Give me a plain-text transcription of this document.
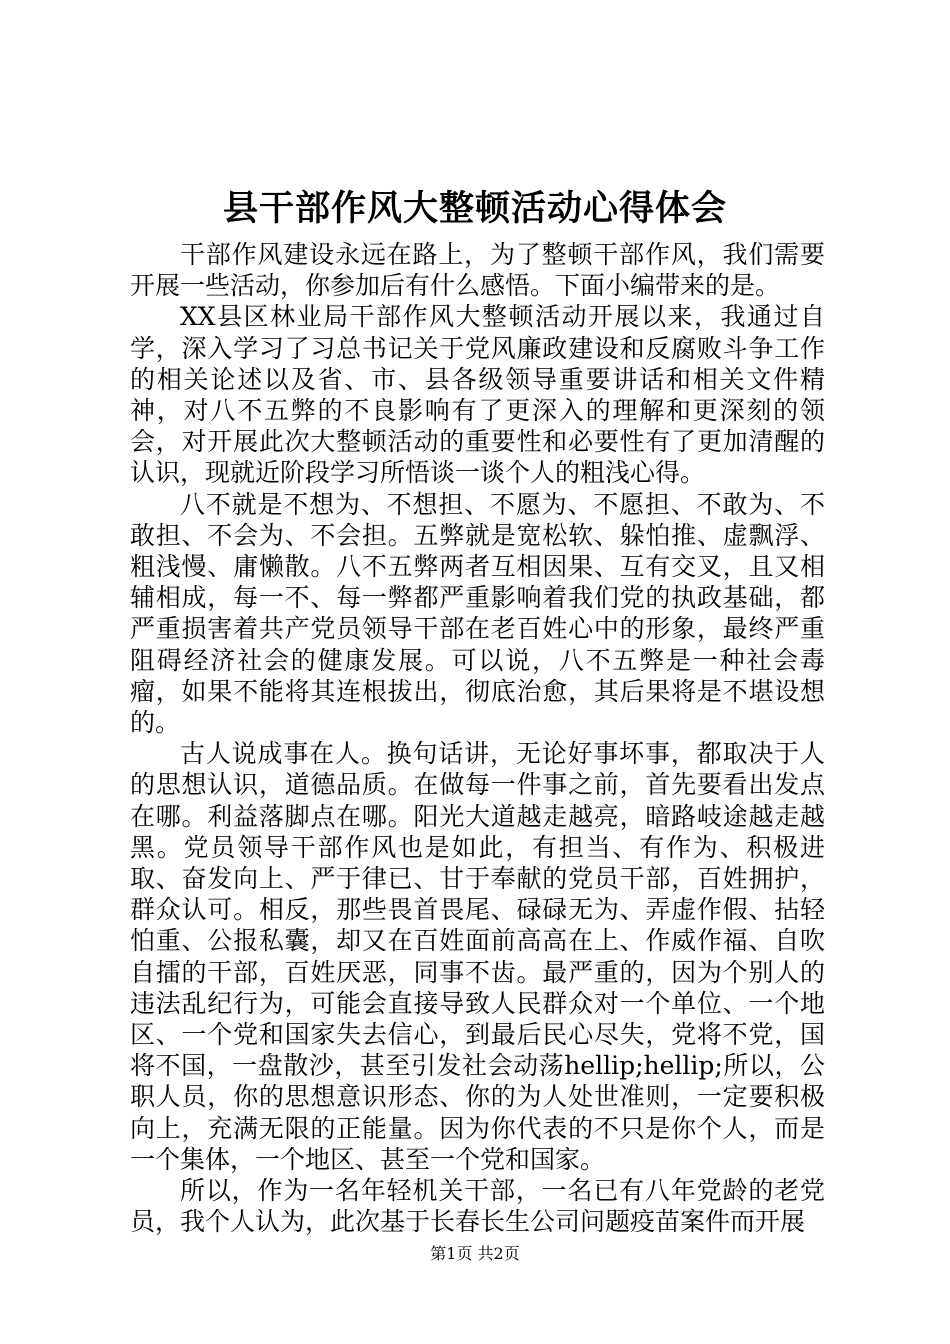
县干部作风大整顿活动心得体会

干部作风建设永远在路上，为了整顿干部作风，我们需要开展一些活动，你参加后有什么感悟。下面小编带来的是。

XX县区林业局干部作风大整顿活动开展以来，我通过自学，深入学习了习总书记关于党风廉政建设和反腐败斗争工作的相关论述以及省、市、县各级领导重要讲话和相关文件精神，对八不五弊的不良影响有了更深入的理解和更深刻的领会，对开展此次大整顿活动的重要性和必要性有了更加清醒的认识，现就近阶段学习所悟谈一谈个人的粗浅心得。

八不就是不想为、不想担、不愿为、不愿担、不敢为、不敢担、不会为、不会担。五弊就是宽松软、躲怕推、虚飘浮、粗浅慢、庸懒散。八不五弊两者互相因果、互有交叉，且又相辅相成，每一不、每一弊都严重影响着我们党的执政基础，都严重损害着共产党员领导干部在老百姓心中的形象，最终严重阻碍经济社会的健康发展。可以说，八不五弊是一种社会毒瘤，如果不能将其连根拔出，彻底治愈，其后果将是不堪设想的。

古人说成事在人。换句话讲，无论好事坏事，都取决于人的思想认识，道德品质。在做每一件事之前，首先要看出发点在哪。利益落脚点在哪。阳光大道越走越亮，暗路岐途越走越黑。党员领导干部作风也是如此，有担当、有作为、积极进取、奋发向上、严于律已、甘于奉献的党员干部，百姓拥护，群众认可。相反，那些畏首畏尾、碌碌无为、弄虚作假、拈轻怕重、公报私囊，却又在百姓面前高高在上、作威作福、自吹自擂的干部，百姓厌恶，同事不齿。最严重的，因为个别人的违法乱纪行为，可能会直接导致人民群众对一个单位、一个地区、一个党和国家失去信心，到最后民心尽失，党将不党，国将不国，一盘散沙，甚至引发社会动荡hellip;hellip;所以，公职人员，你的思想意识形态、你的为人处世准则，一定要积极向上，充满无限的正能量。因为你代表的不只是你个人，而是一个集体，一个地区、甚至一个党和国家。

所以，作为一名年轻机关干部，一名已有八年党龄的老党员，我个人认为，此次基于长春长生公司问题疫苗案件而开展

第1页 共2页
